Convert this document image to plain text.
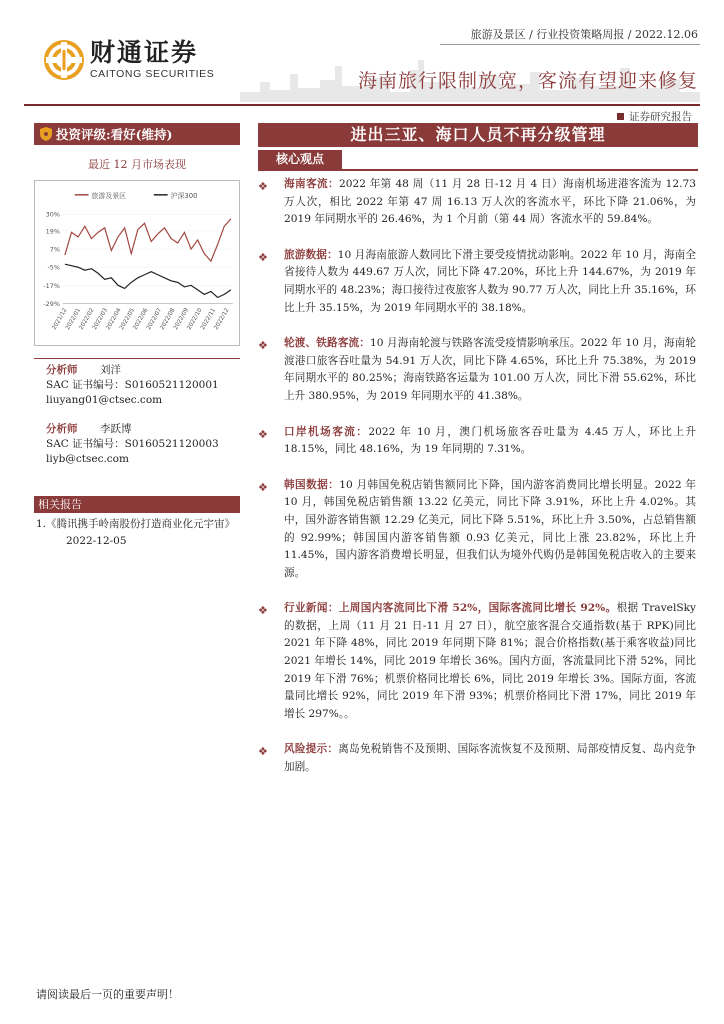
财通证券
CAITONG SECURITIES
旅游及景区 / 行业投资策略周报 / 2022.12.06
海南旅行限制放宽，客流有望迎来修复
证券研究报告
投资评级:看好(维持)
最近 12 月市场表现
旅游及景区	沪深300
30%
19%
7%
-5%
-17%
-29%
2021/12
2022/01
2022/02
2022/03
2022/04
2022/05
2022/06
2022/07
2022/08
2022/09
2022/10
2022/11
2022/12
分析师 刘洋
SAC 证书编号：S0160521120001
liuyang01@ctsec.com
分析师 李跃博
SAC 证书编号：S0160521120003
liyb@ctsec.com
相关报告
1.《腾讯携手岭南股份打造商业化元宇宙》2022-12-05
进出三亚、海口人员不再分级管理
核心观点
❖ 海南客流：2022 年第 48 周（11 月 28 日-12 月 4 日）海南机场进港客流为 12.73 万人次，相比 2022 年第 47 周 16.13 万人次的客流水平，环比下降 21.06%，为 2019 年同期水平的 26.46%，为 1 个月前（第 44 周）客流水平的 59.84%。
❖ 旅游数据：10 月海南旅游人数同比下滑主要受疫情扰动影响。2022 年 10 月，海南全省接待人数为 449.67 万人次，同比下降 47.20%，环比上升 144.67%，为 2019 年同期水平的 48.23%；海口接待过夜旅客人数为 90.77 万人次，同比上升 35.16%，环比上升 35.15%，为 2019 年同期水平的 38.18%。
❖ 轮渡、铁路客流：10 月海南轮渡与铁路客流受疫情影响承压。2022 年 10 月，海南轮渡港口旅客吞吐量为 54.91 万人次，同比下降 4.65%，环比上升 75.38%，为 2019 年同期水平的 80.25%；海南铁路客运量为 101.00 万人次，同比下滑 55.62%，环比上升 380.95%，为 2019 年同期水平的 41.38%。
❖ 口岸机场客流：2022 年 10 月，澳门机场旅客吞吐量为 4.45 万人，环比上升 18.15%，同比 48.16%，为 19 年同期的 7.31%。
❖ 韩国数据：10 月韩国免税店销售额同比下降，国内游客消费同比增长明显。2022 年 10 月，韩国免税店销售额 13.22 亿美元，同比下降 3.91%，环比上升 4.02%。其中，国外游客销售额 12.29 亿美元，同比下降 5.51%，环比上升 3.50%，占总销售额的 92.99%；韩国国内游客销售额 0.93 亿美元，同比上涨 23.82%，环比上升 11.45%，国内游客消费增长明显，但我们认为境外代购仍是韩国免税店收入的主要来源。
❖ 行业新闻：上周国内客流同比下滑 52%，国际客流同比增长 92%。根据 TravelSky 的数据，上周（11 月 21 日-11 月 27 日），航空旅客混合交通指数(基于 RPK)同比 2021 年下降 48%，同比 2019 年同期下降 81%；混合价格指数(基于乘客收益)同比 2021 年增长 14%，同比 2019 年增长 36%。国内方面，客流量同比下滑 52%，同比 2019 年下滑 76%；机票价格同比增长 6%，同比 2019 年增长 3%。国际方面，客流量同比增长 92%，同比 2019 年下滑 93%；机票价格同比下滑 17%，同比 2019 年增长 297%。。
❖ 风险提示：离岛免税销售不及预期、国际客流恢复不及预期、局部疫情反复、岛内竞争加剧。
请阅读最后一页的重要声明！
